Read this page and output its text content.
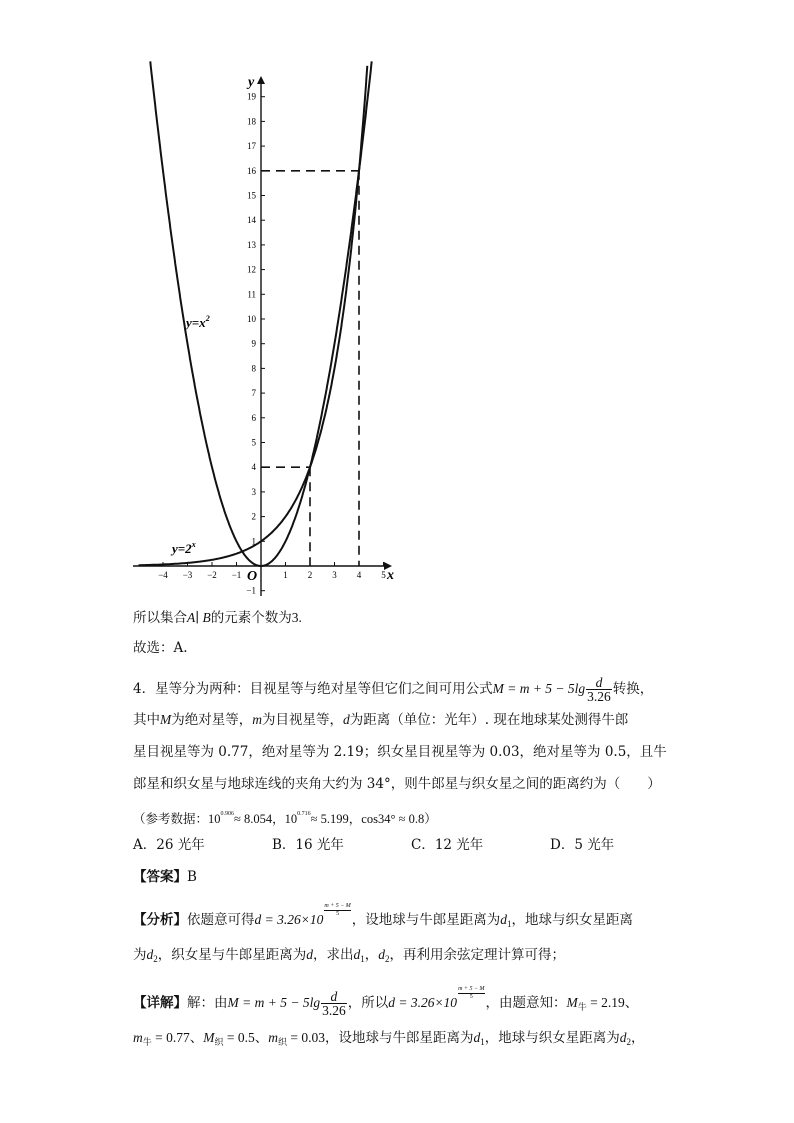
−4 −3 −2 −1	1 2 3 4 5
−1
1
2
3
4
5
6
7
8
9
10
11
12
13
14
15
16
17
18
19
x
y
O
$y=x^2$
$y=2^x$
所以集合A∣ B的元素个数为3.
故选：A.
4．星等分为两种：目视星等与绝对星等但它们之间可用公式$M = m + 5 - 5\lg \frac{d}{3.26}$ 转换，
其中M为绝对星等，m为目视星等，d为距离（单位：光年）. 现在地球某处测得牛郎
星目视星等为 0.77，绝对星等为 2.19；织女星目视星等为 0.03，绝对星等为 0.5，且牛
郎星和织女星与地球连线的夹角大约为 34°，则牛郎星与织女星之间的距离约为（　　）
（参考数据：$10^{0.906}\approx 8.054$，$10^{0.716}\approx 5.199$，cos34° ≈ 0.8）
A．26 光年	B．16 光年	C．12 光年	D．5 光年
【答案】B
【分析】依题意可得d = 3.26×10
$\frac{m + 5 - M}{5}$
，设地球与牛郎星距离为$d_1$，地球与织女星距离
为$d_2$，织女星与牛郎星距离为d，求出$d_1$，$d_2$，再利用余弦定理计算可得；
【详解】解：由$M = m + 5 - 5\lg \frac{d}{3.26}$ ，所以d = 3.26×10
$\frac{m + 5 - M}{5}$
，由题意知：$M_牛 = 2.19$、
$m_牛 = 0.77$、$M_织 = 0.5$、$m_织 = 0.03$，设地球与牛郎星距离为$d_1$，地球与织女星距离为$d_2$，
